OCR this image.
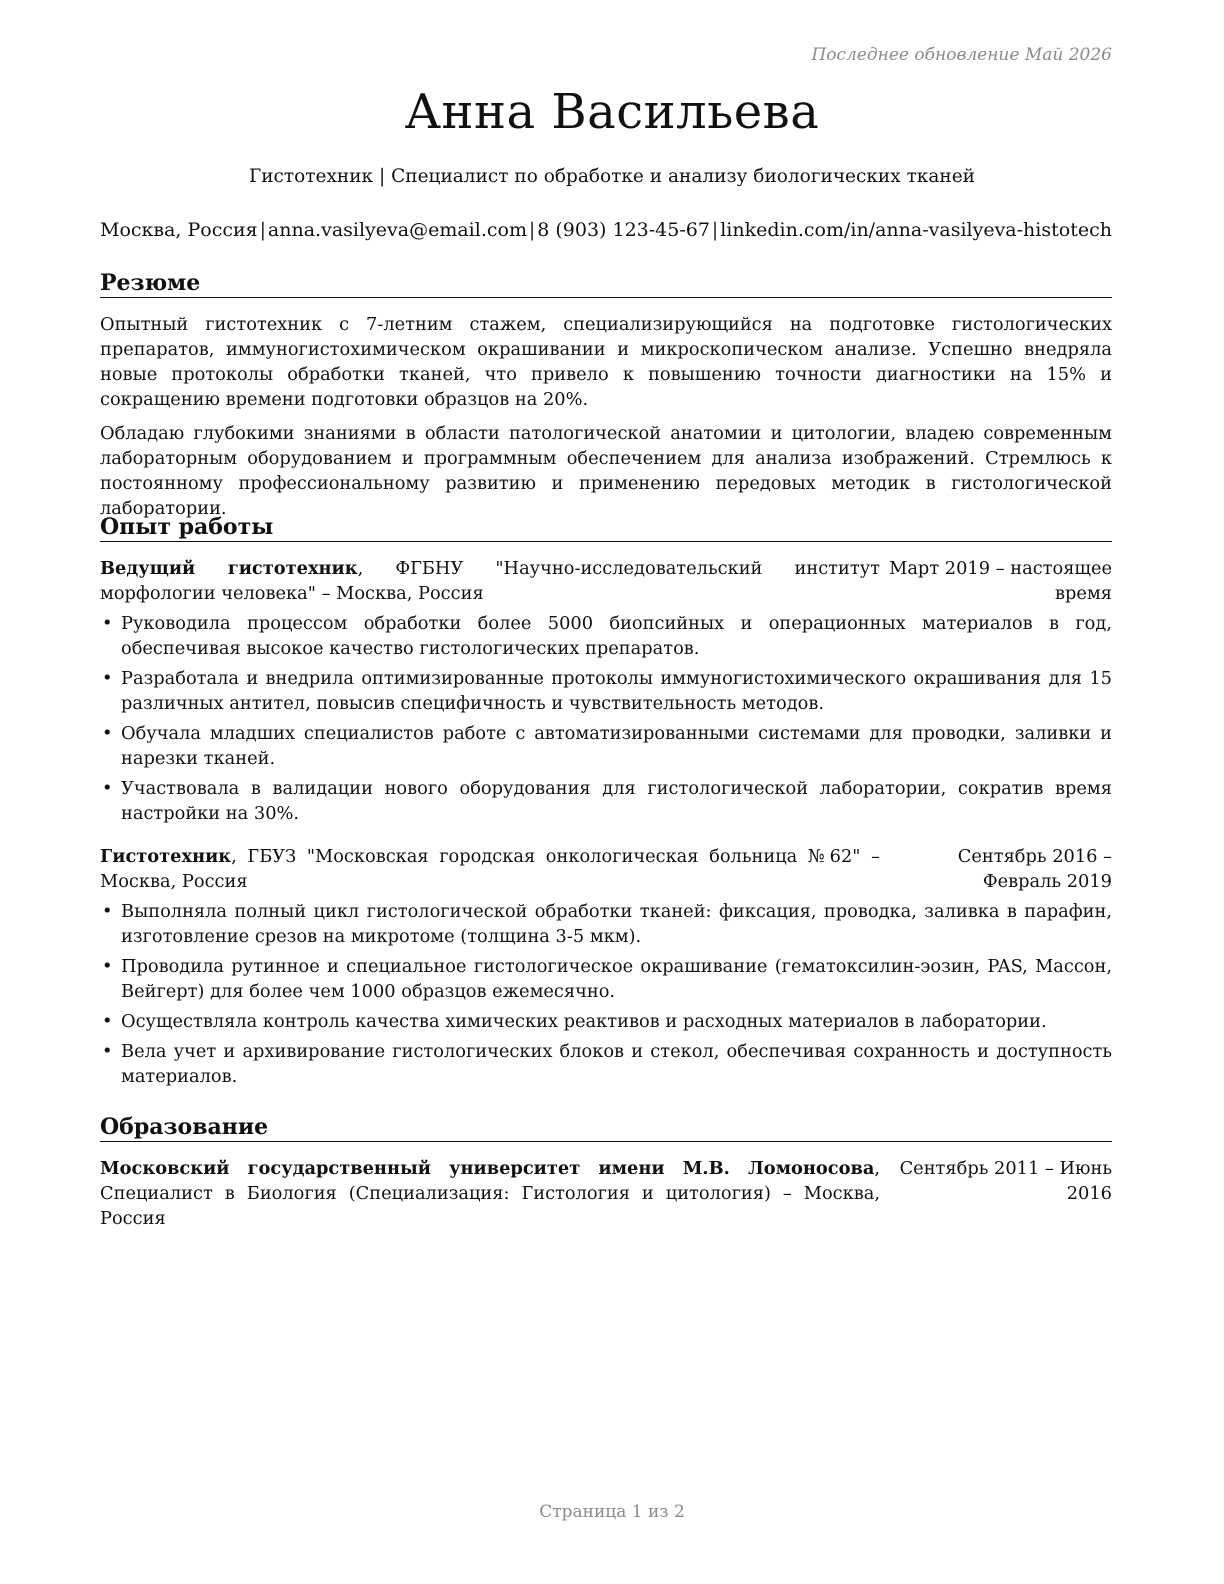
Последнее обновление Май 2026
Анна Васильева
Гистотехник | Специалист по обработке и анализу биологических тканей
Москва, Россия | anna.vasilyeva@email.com | 8 (903) 123-45-67 | linkedin.com/in/anna-vasilyeva-histotech
Резюме

Опытный гистотехник с 7-летним стажем, специализирующийся на подготовке гистологических препаратов, иммуногистохимическом окрашивании и микроскопическом анализе. Успешно внедряла новые протоколы обработки тканей, что привело к повышению точности диагностики на 15% и сокращению времени подготовки образцов на 20%.

Обладаю глубокими знаниями в области патологической анатомии и цитологии, владею современным лабораторным оборудованием и программным обеспечением для анализа изображений. Стремлюсь к постоянному профессиональному развитию и применению передовых методик в гистологической лаборатории.

Опыт работы
Ведущий гистотехник, ФГБНУ "Научно-исследовательский институт морфологии человека" – Москва, Россия
Март 2019 – настоящее время
• Руководила процессом обработки более 5000 биопсийных и операционных материалов в год, обеспечивая высокое качество гистологических препаратов.
• Разработала и внедрила оптимизированные протоколы иммуногистохимического окрашивания для 15 различных антител, повысив специфичность и чувствительность методов.
• Обучала младших специалистов работе с автоматизированными системами для проводки, заливки и нарезки тканей.
• Участвовала в валидации нового оборудования для гистологической лаборатории, сократив время настройки на 30%.
Гистотехник, ГБУЗ "Московская городская онкологическая больница №62" – Москва, Россия
Сентябрь 2016 – Февраль 2019
• Выполняла полный цикл гистологической обработки тканей: фиксация, проводка, заливка в парафин, изготовление срезов на микротоме (толщина 3-5 мкм).
• Проводила рутинное и специальное гистологическое окрашивание (гематоксилин-эозин, PAS, Массон, Вейгерт) для более чем 1000 образцов ежемесячно.
• Осуществляла контроль качества химических реактивов и расходных материалов в лаборатории.
• Вела учет и архивирование гистологических блоков и стекол, обеспечивая сохранность и доступность материалов.
Образование
Московский государственный университет имени М.В. Ломоносова, Специалист в Биология (Специализация: Гистология и цитология) – Москва, Россия
Сентябрь 2011 – Июнь 2016
Страница 1 из 2
